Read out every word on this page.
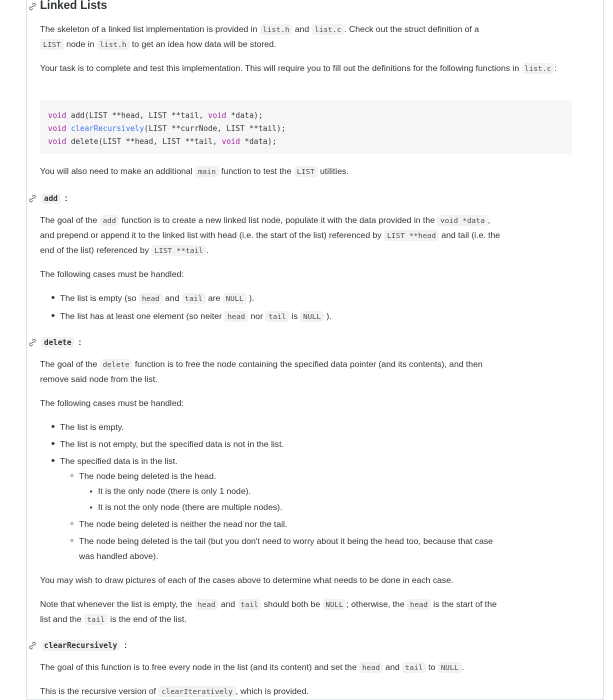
Linked Lists
The skeleton of a linked list implementation is provided in list.h and list.c . Check out the struct definition of a
LIST node in list.h to get an idea how data will be stored.
Your task is to complete and test this implementation. This will require you to fill out the definitions for the following functions in list.c :
void add(LIST **head, LIST **tail, void *data);
void clearRecursively(LIST **currNode, LIST **tail);
void delete(LIST **head, LIST **tail, void *data);
You will also need to make an additional main function to test the LIST utilities.
add :
The goal of the add function is to create a new linked list node, populate it with the data provided in the void *data ,
and prepend or append it to the linked list with head (i.e. the start of the list) referenced by LIST **head and tail (i.e. the
end of the list) referenced by LIST **tail .
The following cases must be handled:
•
The list is empty (so head and tail are NULL ).
•
The list has at least one element (so neiter head nor tail is NULL ).
delete :
The goal of the delete function is to free the node containing the specified data pointer (and its contents), and then
remove said node from the list.
The following cases must be handled:
•
The list is empty.
•
The list is not empty, but the specified data is not in the list.
•
The specified data is in the list.
◦
The node being deleted is the head.
▪
It is the only node (there is only 1 node).
▪
It is not the only node (there are multiple nodes).
◦
The node being deleted is neither the nead nor the tail.
◦
The node being deleted is the tail (but you don't need to worry about it being the head too, because that case
was handled above).
You may wish to draw pictures of each of the cases above to determine what needs to be done in each case.
Note that whenever the list is empty, the head and tail should both be NULL ; otherwise, the head is the start of the
list and the tail is the end of the list.
clearRecursively :
The goal of this function is to free every node in the list (and its content) and set the head and tail to NULL .
This is the recursive version of clearIteratively , which is provided.
